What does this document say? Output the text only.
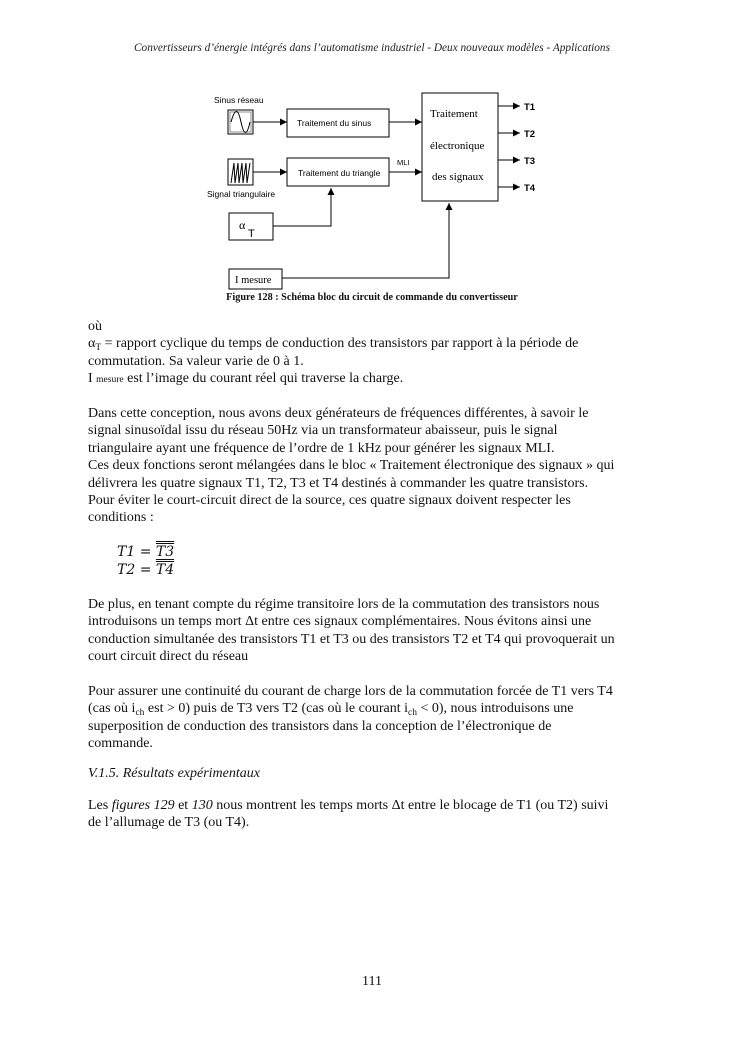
Convertisseurs d’énergie intégrés dans l’automatisme industriel - Deux nouveaux modèles - Applications
Sinus réseau
Signal triangulaire
Traitement du sinus
Traitement du triangle
MLI
Traitement
électronique
des signaux
T1
T2
T3
T4
α
T
I mesure
Figure 128 : Schéma bloc du circuit de commande du convertisseur

où

$\alpha_T$ = rapport cyclique du temps de conduction des transistors par rapport à la période de

commutation. Sa valeur varie de 0 à 1.

I mesure est l’image du courant réel qui traverse la charge.

Dans cette conception, nous avons deux générateurs de fréquences différentes, à savoir le
signal sinusoïdal issu du réseau 50Hz via un transformateur abaisseur, puis le signal
triangulaire ayant une fréquence de l’ordre de 1 kHz pour générer les signaux MLI.
Ces deux fonctions seront mélangées dans le bloc « Traitement électronique des signaux » qui
délivrera les quatre signaux T1, T2, T3 et T4 destinés à commander les quatre transistors.
Pour éviter le court-circuit direct de la source, ces quatre signaux doivent respecter les
conditions :
T1 = T3
T2 = T4
De plus, en tenant compte du régime transitoire lors de la commutation des transistors nous
introduisons un temps mort Δt entre ces signaux complémentaires. Nous évitons ainsi une
conduction simultanée des transistors T1 et T3 ou des transistors T2 et T4 qui provoquerait un
court circuit direct du réseau
Pour assurer une continuité du courant de charge lors de la commutation forcée de T1 vers T4
(cas où $i_{ch}$ est > 0) puis de T3 vers T2 (cas où le courant $i_{ch} < 0$), nous introduisons une
superposition de conduction des transistors dans la conception de l’électronique de
commande.
V.1.5. Résultats expérimentaux
Les figures 129 et 130 nous montrent les temps morts Δt entre le blocage de T1 (ou T2) suivi
de l’allumage de T3 (ou T4).
111
